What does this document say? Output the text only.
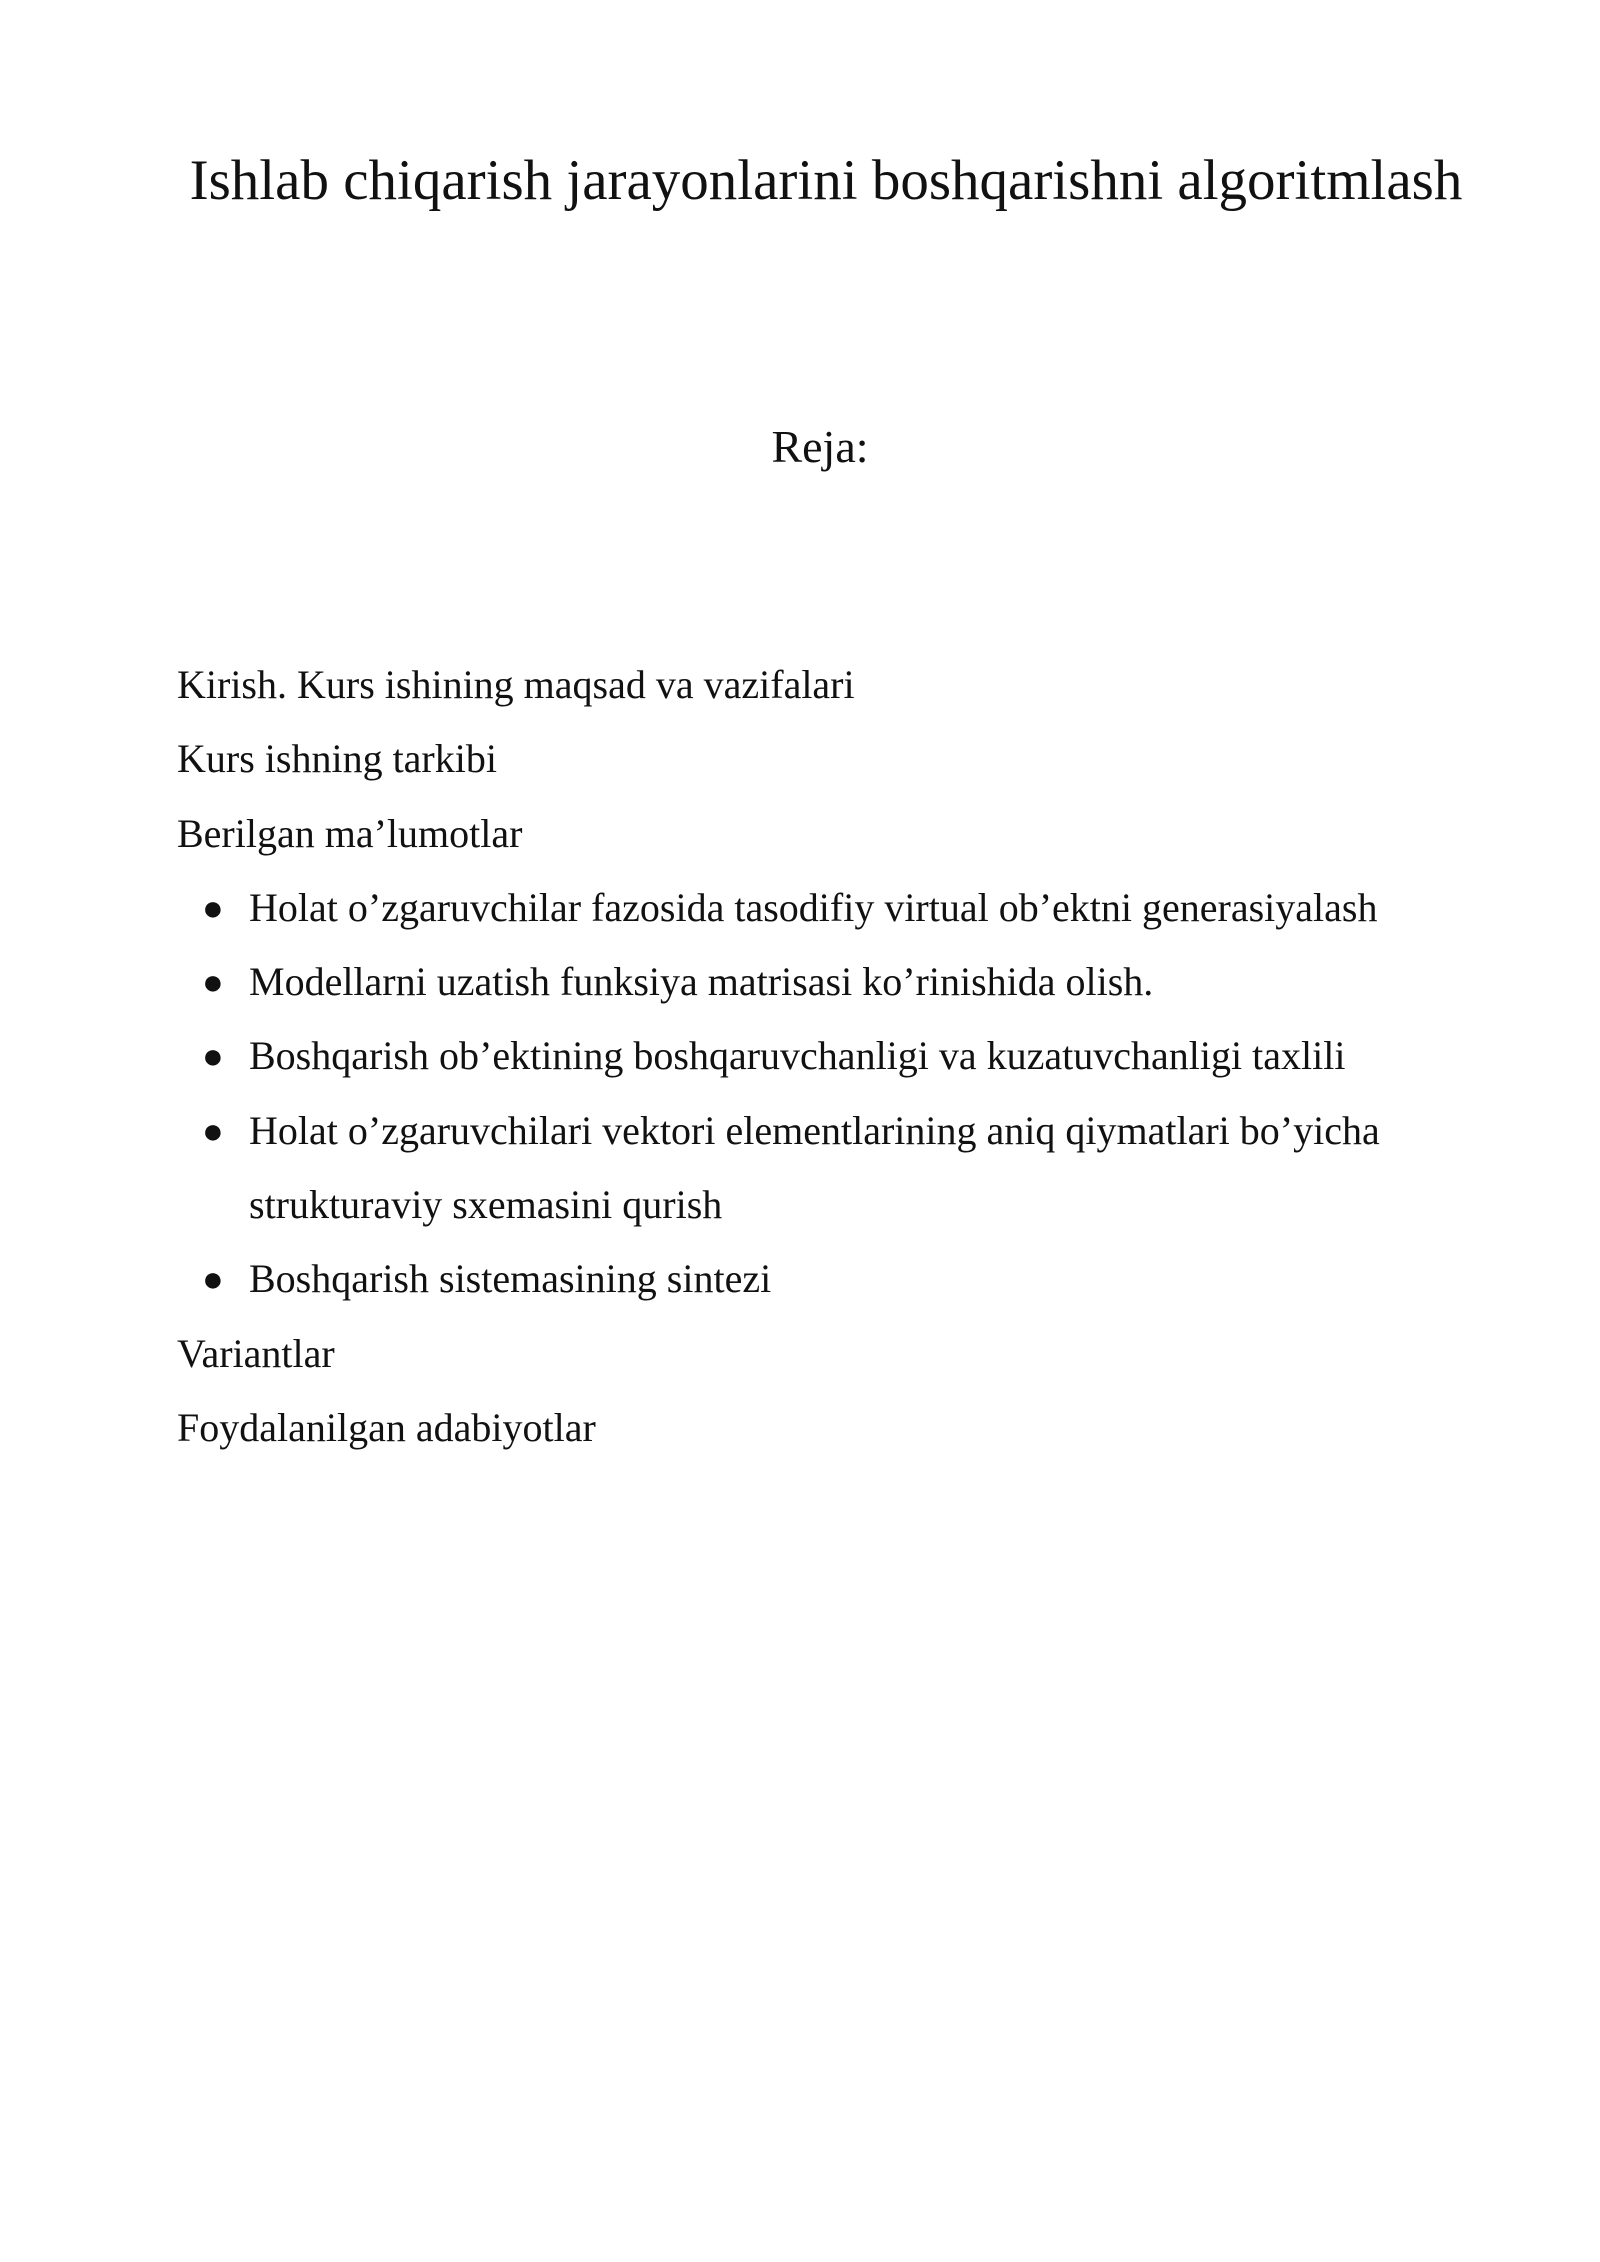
Ishlab chiqarish jarayonlarini boshqarishni algoritmlash
Reja:
Kirish. Kurs ishining maqsad va vazifalari
Kurs ishning tarkibi
Berilgan ma’lumotlar
● Holat o’zgaruvchilar fazosida tasodifiy virtual ob’ektni generasiyalash
● Modellarni uzatish funksiya matrisasi ko’rinishida olish.
● Boshqarish ob’ektining boshqaruvchanligi va kuzatuvchanligi taxlili
● Holat o’zgaruvchilari vektori elementlarining aniq qiymatlari bo’yicha strukturaviy sxemasini qurish
● Boshqarish sistemasining sintezi
Variantlar
Foydalanilgan adabiyotlar
